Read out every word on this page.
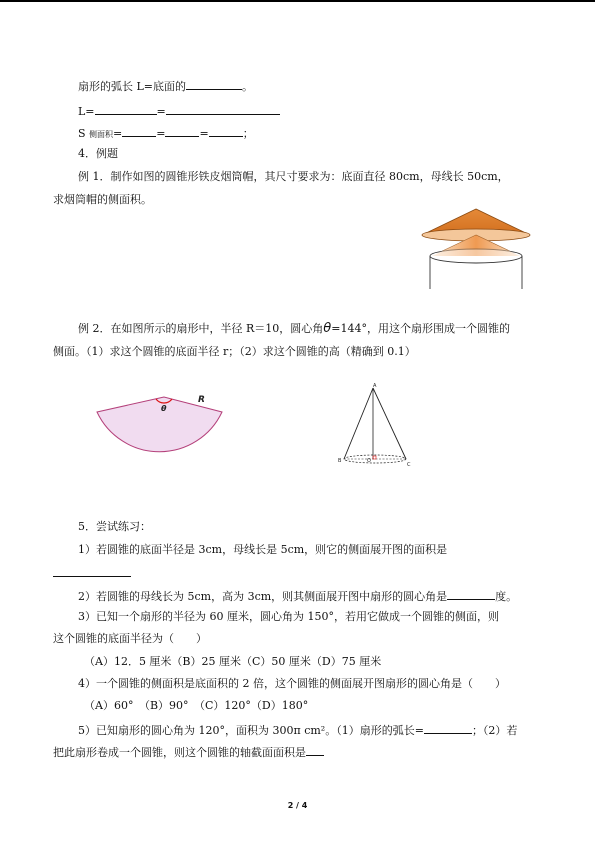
扇形的弧长 L=底面的	。
L=	=
S 侧面积=	=	=	；
4．例题
例 1．制作如图的圆锥形铁皮烟筒帽，其尺寸要求为：底面直径 80cm，母线长 50cm，
求烟筒帽的侧面积。
例 2．在如图所示的扇形中，半径 R＝10，圆心角θ=144°，用这个扇形围成一个圆锥的
侧面。（1）求这个圆锥的底面半径 r；（2）求这个圆锥的高（精确到 0.1）
θ
R
A
B
C
O
5．尝试练习：
1）若圆锥的底面半径是 3cm，母线长是 5cm，则它的侧面展开图的面积是
2）若圆锥的母线长为 5cm，高为 3cm，则其侧面展开图中扇形的圆心角是	度。
3）已知一个扇形的半径为 60 厘米，圆心角为 150°，若用它做成一个圆锥的侧面，则
这个圆锥的底面半径为（　　）
（A）12．5 厘米（B）25 厘米（C）50 厘米（D）75 厘米
4）一个圆锥的侧面积是底面积的 2 倍，这个圆锥的侧面展开图扇形的圆心角是（　　）
（A）60°　（B）90°　（C）120°（D）180°
5）已知扇形的圆心角为 120°，面积为 300π cm²。（1）扇形的弧长=	；（2）若
把此扇形卷成一个圆锥，则这个圆锥的轴截面面积是
2 / 4
